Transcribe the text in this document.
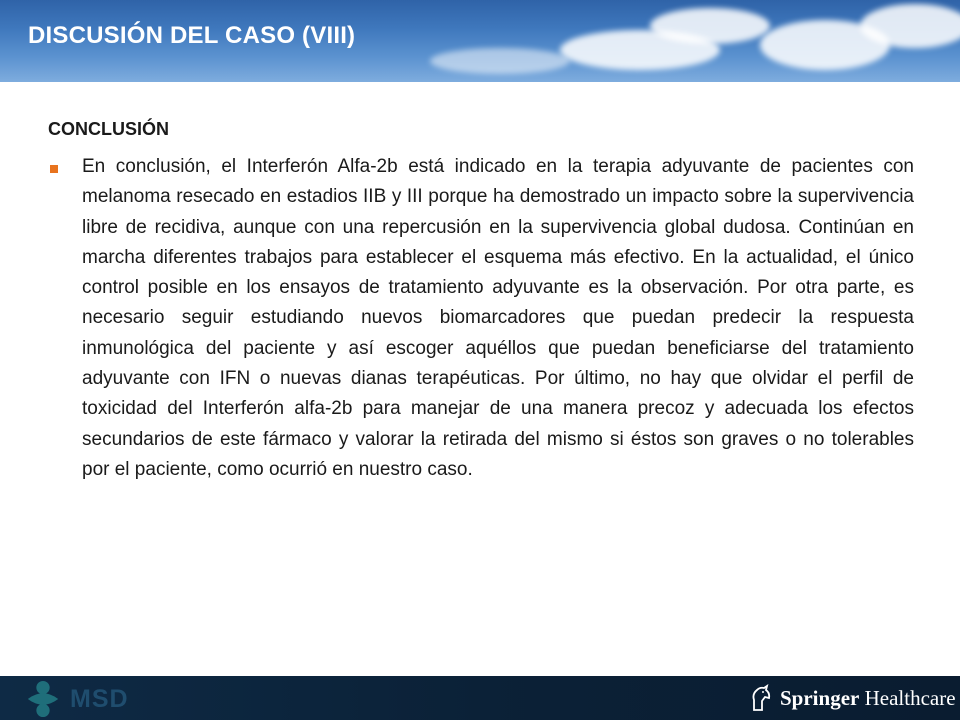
DISCUSIÓN DEL CASO (VIII)
CONCLUSIÓN

En conclusión, el Interferón Alfa-2b está indicado en la terapia adyuvante de pacientes con melanoma resecado en estadios IIB y III porque ha demostrado un impacto sobre la supervivencia libre de recidiva, aunque con una repercusión en la supervivencia global dudosa. Continúan en marcha diferentes trabajos para establecer el esquema más efectivo. En la actualidad, el único control posible en los ensayos de tratamiento adyuvante es la observación. Por otra parte, es necesario seguir estudiando nuevos biomarcadores que puedan predecir la respuesta inmunológica del paciente y así escoger aquéllos que puedan beneficiarse del tratamiento adyuvante con IFN o nuevas dianas terapéuticas. Por último, no hay que olvidar el perfil de toxicidad del Interferón alfa-2b para manejar de una manera precoz y adecuada los efectos secundarios de este fármaco y valorar la retirada del mismo si éstos son graves o no tolerables por el paciente, como ocurrió en nuestro caso.

MSD	Springer Healthcare
